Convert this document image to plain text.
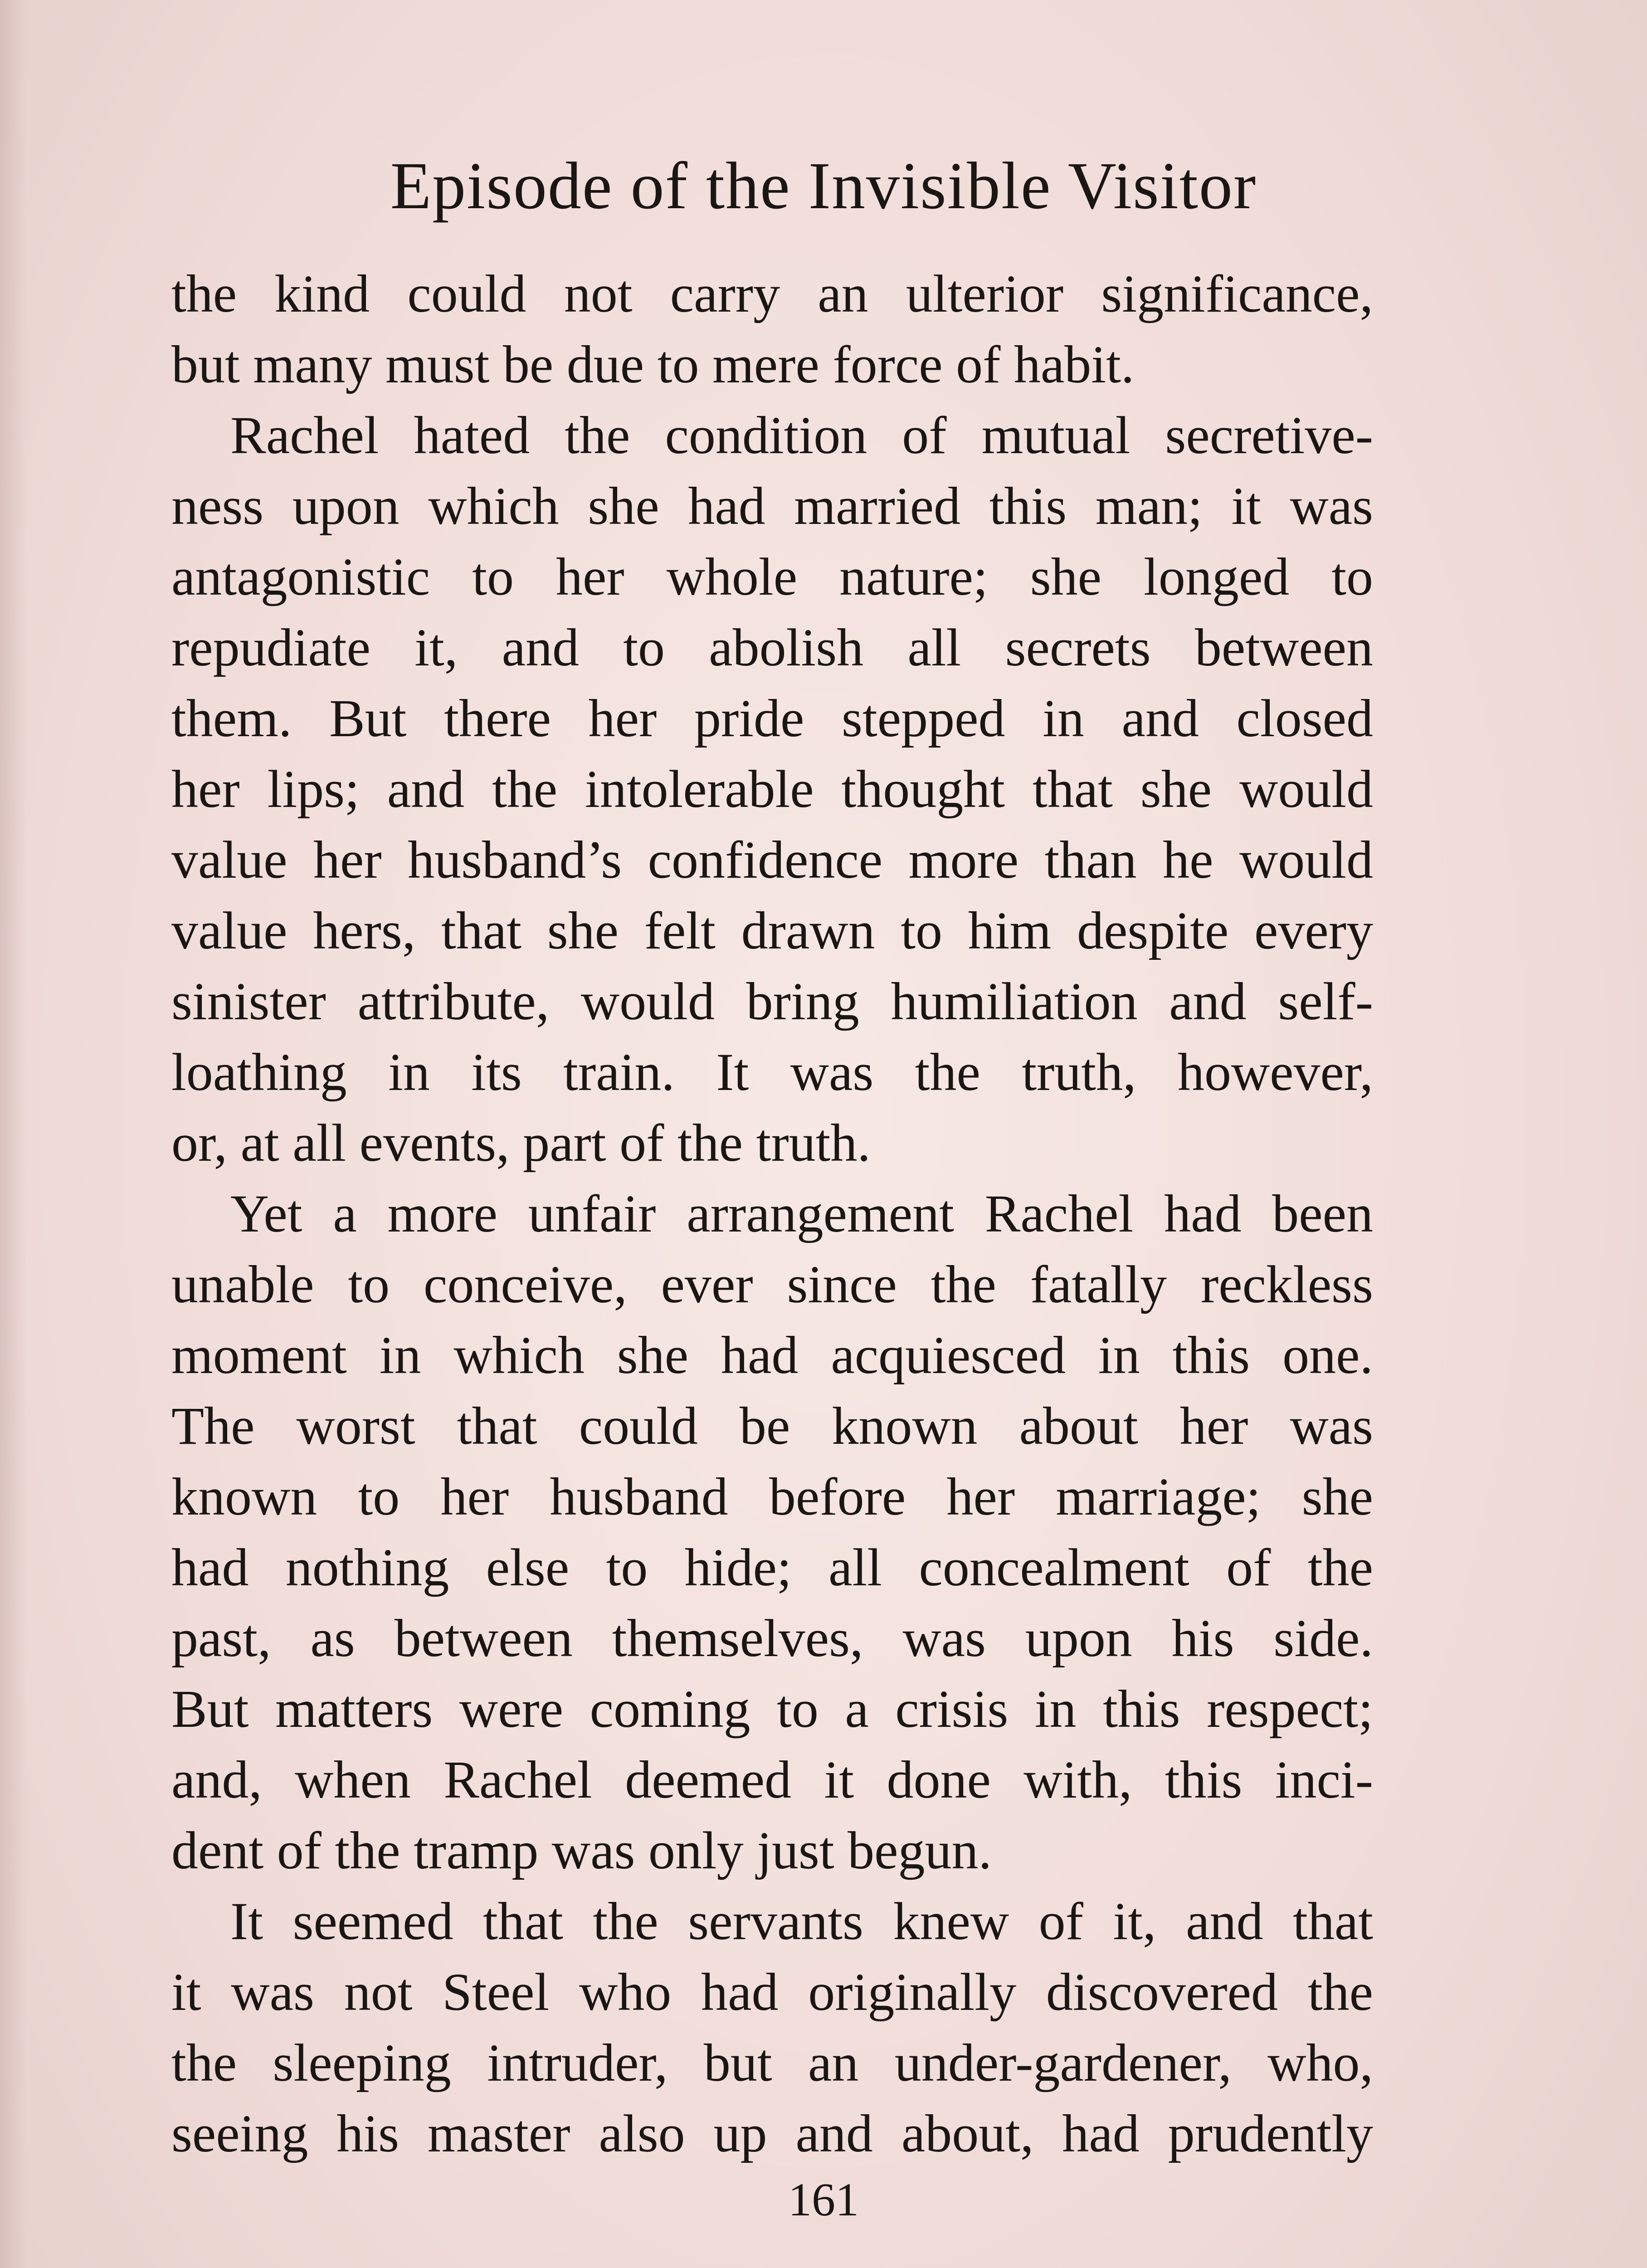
Episode of the Invisible Visitor
the kind could not carry an ulterior significance,
but many must be due to mere force of habit.
Rachel hated the condition of mutual secretive-
ness upon which she had married this man; it was
antagonistic to her whole nature; she longed to
repudiate it, and to abolish all secrets between
them. But there her pride stepped in and closed
her lips; and the intolerable thought that she would
value her husband’s confidence more than he would
value hers, that she felt drawn to him despite every
sinister attribute, would bring humiliation and self-
loathing in its train. It was the truth, however,
or, at all events, part of the truth.
Yet a more unfair arrangement Rachel had been
unable to conceive, ever since the fatally reckless
moment in which she had acquiesced in this one.
The worst that could be known about her was
known to her husband before her marriage; she
had nothing else to hide; all concealment of the
past, as between themselves, was upon his side.
But matters were coming to a crisis in this respect;
and, when Rachel deemed it done with, this inci-
dent of the tramp was only just begun.
It seemed that the servants knew of it, and that
it was not Steel who had originally discovered the
the sleeping intruder, but an under-gardener, who,
seeing his master also up and about, had prudently
161
